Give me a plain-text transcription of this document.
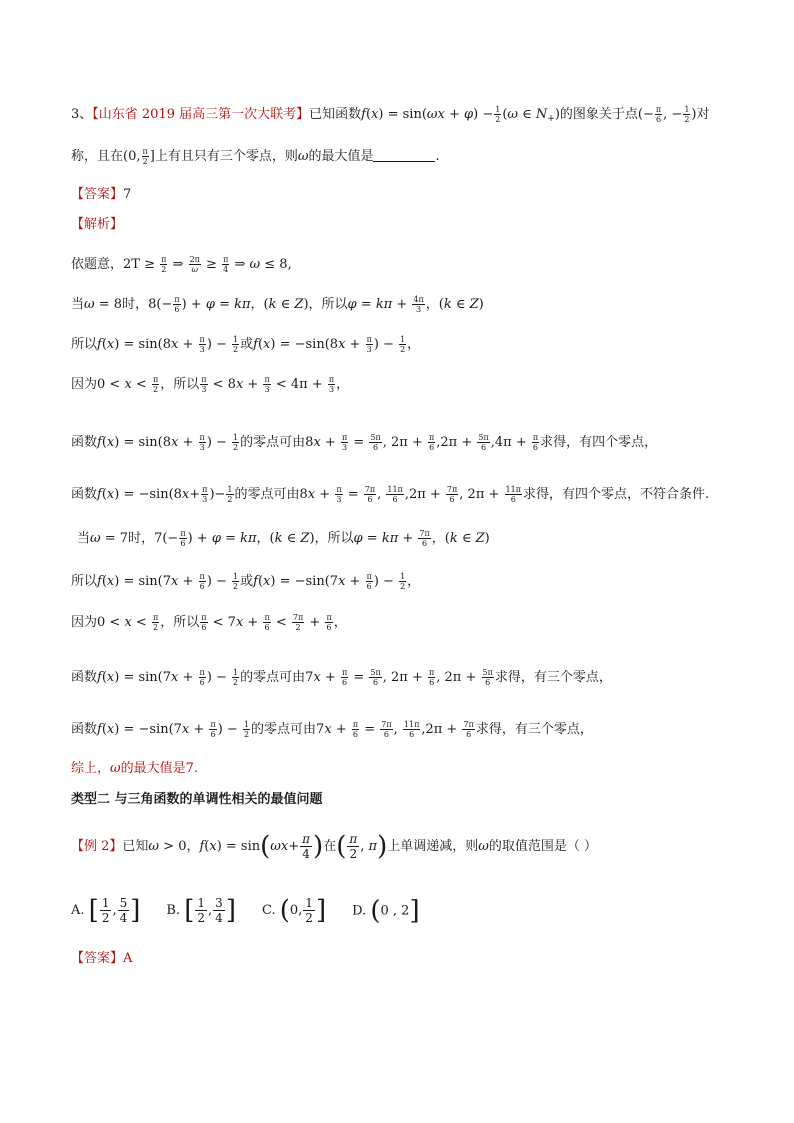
3、【山东省 2019 届高三第一次大联考】已知函数$f(x) = \sin(\omega x + \varphi) - \frac{1}{2} (\omega$ ∈ $N_+$)的图象关于点(− $\frac{\pi}{6}$ , − $\frac{1}{2}$ )对
称，且在(0, $\frac{\pi}{2}$ ]上有且只有三个零点，则ω的最大值是	.
【答案】7
【解析】
依题意，$2T \ge \frac{\pi}{2}$ ⇒ $\frac{2\pi}{\omega} \ge \frac{\pi}{4}$ ⇒ ω ≤ 8,
当ω = 8时，$8(- \frac{\pi}{6}$ ) + φ = kπ，(k ∈ Z)，所以$\varphi = k\pi + \frac{4\pi}{3}$ ，(k ∈ Z)
所以$f(x) = \sin(8x + \frac{\pi}{3}$ ) − $\frac{1}{2}$ 或$f(x) = -\sin(8x + \frac{\pi}{3}$ ) − $\frac{1}{2}$ ，
因为$0 < x < \frac{\pi}{2}$ ，所以 $\frac{\pi}{3} < 8x + \frac{\pi}{3} < 4\pi + \frac{\pi}{3}$ ，
函数$f(x) = \sin(8x + \frac{\pi}{3}$ ) − $\frac{1}{2}$ 的零点可由$8x + \frac{\pi}{3} = \frac{5\pi}{6}$ , $2\pi + \frac{\pi}{6} ,2\pi + \frac{5\pi}{6} ,4\pi + \frac{\pi}{6}$ 求得，有四个零点，
函数$f(x) = -\sin(8x+ \frac{\pi}{3}$ )− $\frac{1}{2}$ 的零点可由$8x + \frac{\pi}{3} = \frac{7\pi}{6}$ , $\frac{11\pi}{6} ,2\pi + \frac{7\pi}{6}$ , $2\pi + \frac{11\pi}{6}$ 求得，有四个零点，不符合条件.
当ω = 7时，$7(- \frac{\pi}{6}$ ) + φ = kπ，(k ∈ Z)，所以$\varphi = k\pi + \frac{7\pi}{6}$ ，(k ∈ Z)
所以$f(x) = \sin(7x + \frac{\pi}{6}$ ) − $\frac{1}{2}$ 或$f(x) = -\sin(7x + \frac{\pi}{6}$ ) − $\frac{1}{2}$ ，
因为$0 < x < \frac{\pi}{2}$ ，所以 $\frac{\pi}{6} < 7x + \frac{\pi}{6} < \frac{7\pi}{2} + \frac{\pi}{6}$ ，
函数$f(x) = \sin(7x + \frac{\pi}{6}$ ) − $\frac{1}{2}$ 的零点可由$7x + \frac{\pi}{6} = \frac{5\pi}{6}$ , $2\pi + \frac{\pi}{6}$ , $2\pi + \frac{5\pi}{6}$ 求得，有三个零点，
函数$f(x) = -\sin(7x + \frac{\pi}{6}$ ) − $\frac{1}{2}$ 的零点可由$7x + \frac{\pi}{6} = \frac{7\pi}{6}$ , $\frac{11\pi}{6} ,2\pi + \frac{7\pi}{6}$ 求得，有三个零点，
综上，ω的最大值是7.
类型二 与三角函数的单调性相关的最值问题
【例 2】已知ω > 0，$f(x) = \sin(\omega x+ \frac{\pi}{4}$ )在( $\frac{\pi}{2}$ , π)上单调递减，则ω的取值范围是（ ）
A. [ $\frac{1}{2}$ , $\frac{5}{4}$ ] B. [ $\frac{1}{2}$ , $\frac{3}{4}$ ] C. (0, $\frac{1}{2}$ ] D. (0 , 2]
【答案】A
